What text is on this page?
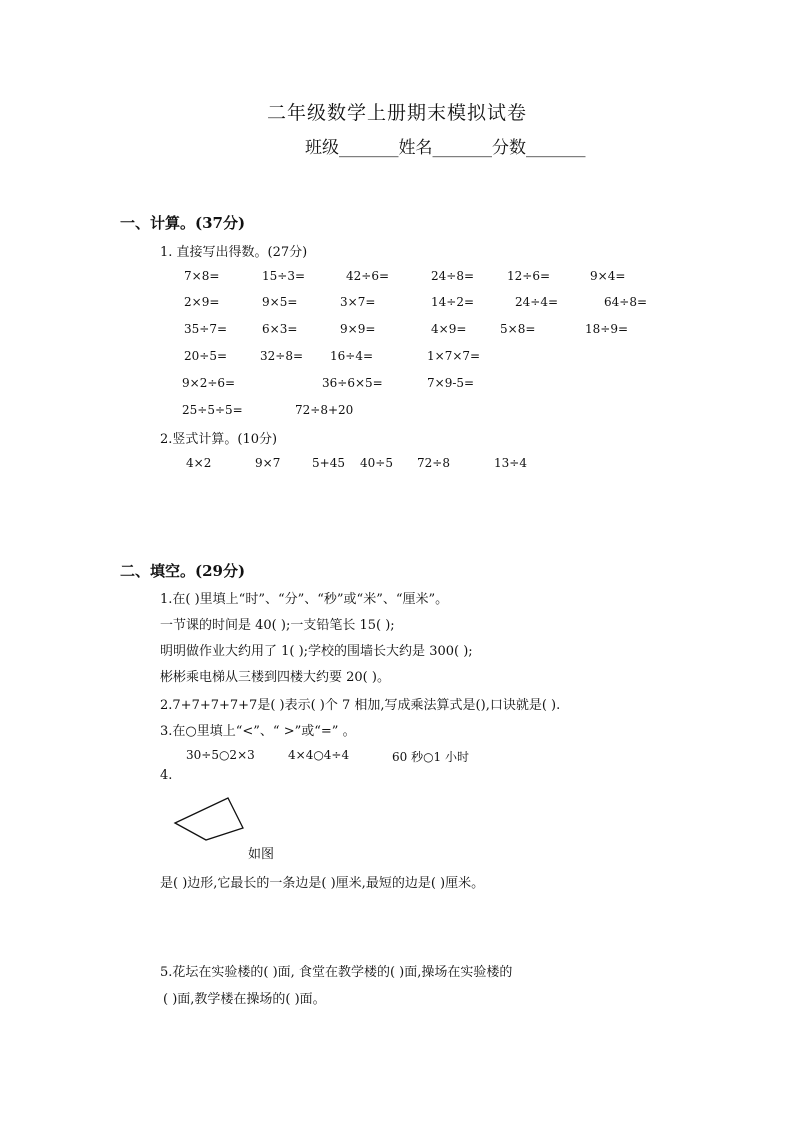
二年级数学上册期末模拟试卷
班级_______姓名_______分数_______
一、计算。(37分)
1. 直接写出得数。(27分)
7×8=	15÷3=	42÷6=	24÷8=	12÷6=	9×4=
2×9=	9×5=	3×7=	14÷2=	24÷4=	64÷8=
35÷7=	6×3=	9×9=	4×9=	5×8=	18÷9=
20÷5=	32÷8= 16÷4=	1×7×7=
9×2÷6=	36÷6×5=	7×9-5=
25÷5÷5=	72÷8+20
2.竖式计算。(10分)
4×2	9×7	5+45 40÷5 72÷8	13÷4
二、填空。(29分)
1.在( )里填上“时”、“分”、“秒”或“米”、“厘米”。
一节课的时间是 40( );一支铅笔长 15( );
明明做作业大约用了 1( );学校的围墙长大约是 300( );
彬彬乘电梯从三楼到四楼大约要 20( )。
2.7+7+7+7+7是( )表示( )个 7 相加,写成乘法算式是(),口诀就是( ).
3.在○里填上“<”、“ >”或“=” 。
30÷5○2×3	4×4○4÷4	60 秒○1 小时
4.
如图
是( )边形,它最长的一条边是( )厘米,最短的边是( )厘米。
5.花坛在实验楼的( )面, 食堂在教学楼的( )面,操场在实验楼的
( )面,教学楼在操场的( )面。
